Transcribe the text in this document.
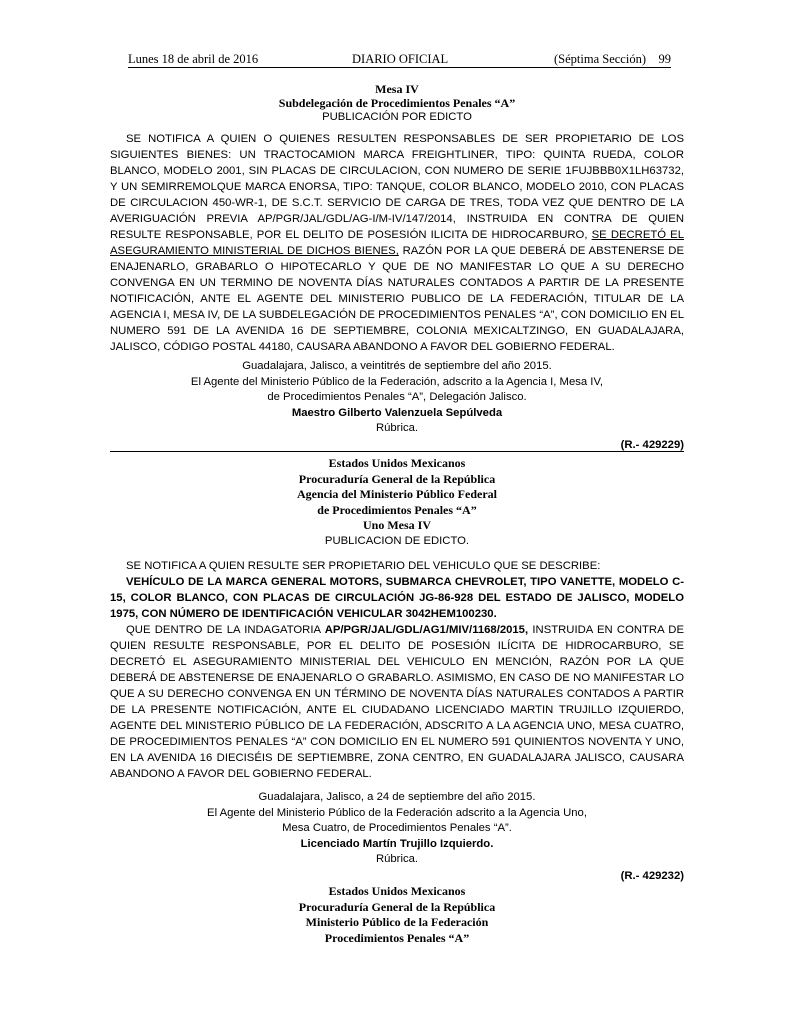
Lunes 18 de abril de 2016	DIARIO OFICIAL	(Séptima Sección) 99
Mesa IV
Subdelegación de Procedimientos Penales “A”
PUBLICACIÓN POR EDICTO

SE NOTIFICA A QUIEN O QUIENES RESULTEN RESPONSABLES DE SER PROPIETARIO DE LOS SIGUIENTES BIENES: UN TRACTOCAMION MARCA FREIGHTLINER, TIPO: QUINTA RUEDA, COLOR BLANCO, MODELO 2001, SIN PLACAS DE CIRCULACION, CON NUMERO DE SERIE 1FUJBBB0X1LH63732, Y UN SEMIRREMOLQUE MARCA ENORSA, TIPO: TANQUE, COLOR BLANCO, MODELO 2010, CON PLACAS DE CIRCULACION 450-WR-1, DE S.C.T. SERVICIO DE CARGA DE TRES, TODA VEZ QUE DENTRO DE LA AVERIGUACIÓN PREVIA AP/PGR/JAL/GDL/AG-I/M-IV/147/2014, INSTRUIDA EN CONTRA DE QUIEN RESULTE RESPONSABLE, POR EL DELITO DE POSESIÓN ILICITA DE HIDROCARBURO, SE DECRETÓ EL ASEGURAMIENTO MINISTERIAL DE DICHOS BIENES, RAZÓN POR LA QUE DEBERÁ DE ABSTENERSE DE ENAJENARLO, GRABARLO O HIPOTECARLO Y QUE DE NO MANIFESTAR LO QUE A SU DERECHO CONVENGA EN UN TERMINO DE NOVENTA DÍAS NATURALES CONTADOS A PARTIR DE LA PRESENTE NOTIFICACIÓN, ANTE EL AGENTE DEL MINISTERIO PUBLICO DE LA FEDERACIÓN, TITULAR DE LA AGENCIA I, MESA IV, DE LA SUBDELEGACIÓN DE PROCEDIMIENTOS PENALES “A”, CON DOMICILIO EN EL NUMERO 591 DE LA AVENIDA 16 DE SEPTIEMBRE, COLONIA MEXICALTZINGO, EN GUADALAJARA, JALISCO, CÓDIGO POSTAL 44180, CAUSARA ABANDONO A FAVOR DEL GOBIERNO FEDERAL.

Guadalajara, Jalisco, a veintitrés de septiembre del año 2015.
El Agente del Ministerio Público de la Federación, adscrito a la Agencia I, Mesa IV,
de Procedimientos Penales “A”, Delegación Jalisco.
Maestro Gilberto Valenzuela Sepúlveda
Rúbrica.
(R.- 429229)
Estados Unidos Mexicanos
Procuraduría General de la República
Agencia del Ministerio Público Federal
de Procedimientos Penales “A”
Uno Mesa IV
PUBLICACION DE EDICTO.

SE NOTIFICA A QUIEN RESULTE SER PROPIETARIO DEL VEHICULO QUE SE DESCRIBE:

VEHÍCULO DE LA MARCA GENERAL MOTORS, SUBMARCA CHEVROLET, TIPO VANETTE, MODELO C-15, COLOR BLANCO, CON PLACAS DE CIRCULACIÓN JG-86-928 DEL ESTADO DE JALISCO, MODELO 1975, CON NÚMERO DE IDENTIFICACIÓN VEHICULAR 3042HEM100230.

QUE DENTRO DE LA INDAGATORIA AP/PGR/JAL/GDL/AG1/MIV/1168/2015, INSTRUIDA EN CONTRA DE QUIEN RESULTE RESPONSABLE, POR EL DELITO DE POSESIÓN ILÍCITA DE HIDROCARBURO, SE DECRETÓ EL ASEGURAMIENTO MINISTERIAL DEL VEHICULO EN MENCIÓN, RAZÓN POR LA QUE DEBERÁ DE ABSTENERSE DE ENAJENARLO O GRABARLO. ASIMISMO, EN CASO DE NO MANIFESTAR LO QUE A SU DERECHO CONVENGA EN UN TÉRMINO DE NOVENTA DÍAS NATURALES CONTADOS A PARTIR DE LA PRESENTE NOTIFICACIÓN, ANTE EL CIUDADANO LICENCIADO MARTIN TRUJILLO IZQUIERDO, AGENTE DEL MINISTERIO PÚBLICO DE LA FEDERACIÓN, ADSCRITO A LA AGENCIA UNO, MESA CUATRO, DE PROCEDIMIENTOS PENALES “A” CON DOMICILIO EN EL NUMERO 591 QUINIENTOS NOVENTA Y UNO, EN LA AVENIDA 16 DIECISÉIS DE SEPTIEMBRE, ZONA CENTRO, EN GUADALAJARA JALISCO, CAUSARA ABANDONO A FAVOR DEL GOBIERNO FEDERAL.

Guadalajara, Jalisco, a 24 de septiembre del año 2015.
El Agente del Ministerio Público de la Federación adscrito a la Agencia Uno,
Mesa Cuatro, de Procedimientos Penales “A”.
Licenciado Martín Trujillo Izquierdo.
Rúbrica.
(R.- 429232)
Estados Unidos Mexicanos
Procuraduría General de la República
Ministerio Público de la Federación
Procedimientos Penales “A”
